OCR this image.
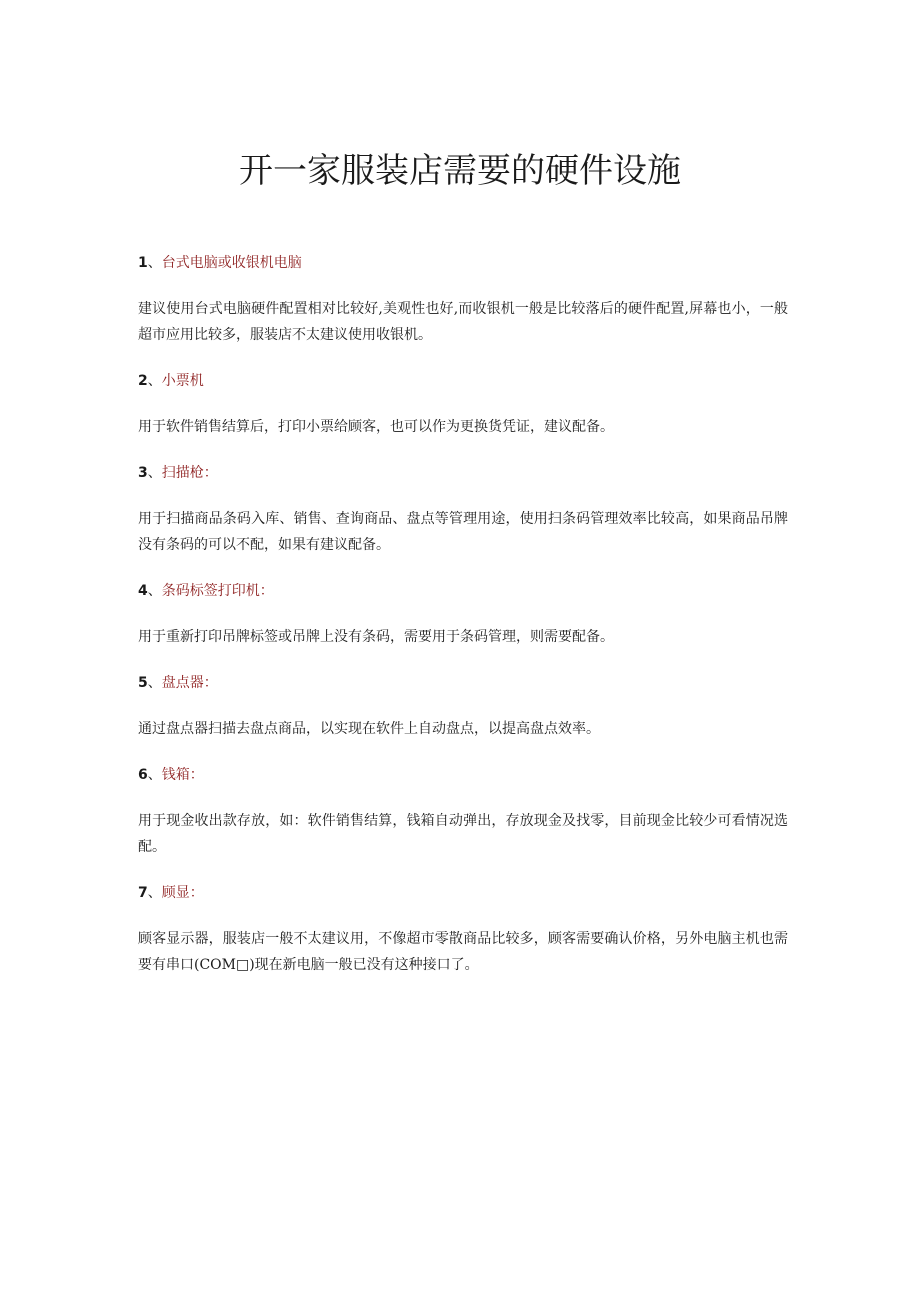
开一家服装店需要的硬件设施
1、台式电脑或收银机电脑

建议使用台式电脑硬件配置相对比较好,美观性也好,而收银机一般是比较落后的硬件配置,屏幕也小，一般超市应用比较多，服装店不太建议使用收银机。

2、小票机

用于软件销售结算后，打印小票给顾客，也可以作为更换货凭证，建议配备。

3、扫描枪：

用于扫描商品条码入库、销售、查询商品、盘点等管理用途，使用扫条码管理效率比较高，如果商品吊牌没有条码的可以不配，如果有建议配备。

4、条码标签打印机：

用于重新打印吊牌标签或吊牌上没有条码，需要用于条码管理，则需要配备。

5、盘点器：

通过盘点器扫描去盘点商品，以实现在软件上自动盘点，以提高盘点效率。

6、钱箱：

用于现金收出款存放，如：软件销售结算，钱箱自动弹出，存放现金及找零，目前现金比较少可看情况选配。

7、顾显：

顾客显示器，服装店一般不太建议用，不像超市零散商品比较多，顾客需要确认价格，另外电脑主机也需要有串口(COM□)现在新电脑一般已没有这种接口了。
